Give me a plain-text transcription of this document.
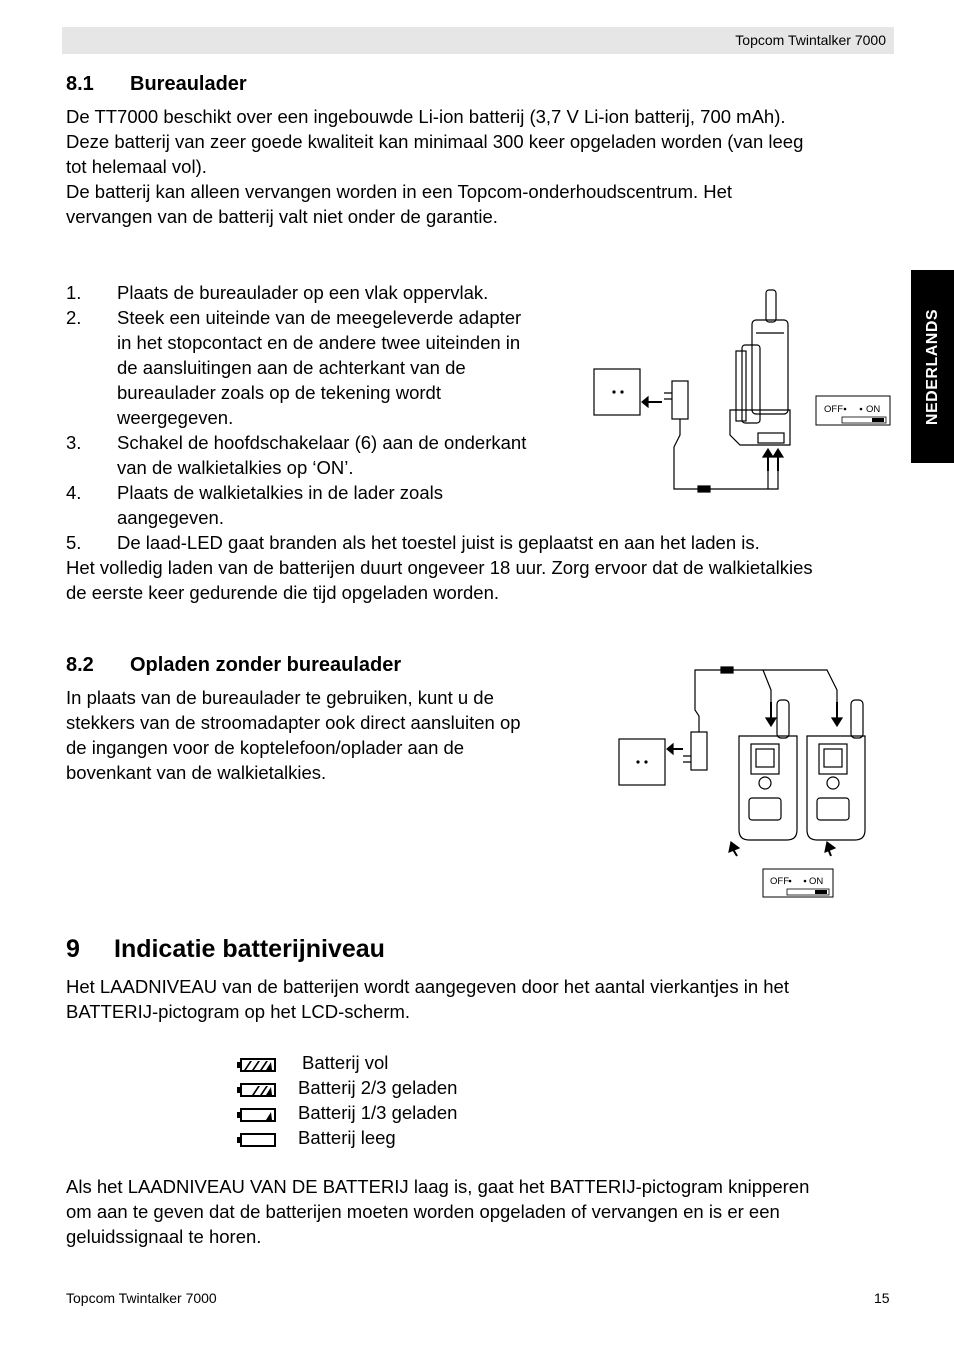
Topcom Twintalker 7000
NEDERLANDS
8.1 Bureaulader
De TT7000 beschikt over een ingebouwde Li-ion batterij (3,7 V Li-ion batterij, 700 mAh).
Deze batterij van zeer goede kwaliteit kan minimaal 300 keer opgeladen worden (van leeg
tot helemaal vol).
De batterij kan alleen vervangen worden in een Topcom-onderhoudscentrum. Het
vervangen van de batterij valt niet onder de garantie.
1. Plaats de bureaulader op een vlak oppervlak.
2. Steek een uiteinde van de meegeleverde adapter
in het stopcontact en de andere twee uiteinden in
de aansluitingen aan de achterkant van de
bureaulader zoals op de tekening wordt
weergegeven.
3. Schakel de hoofdschakelaar (6) aan de onderkant
van de walkietalkies op ‘ON’.
4. Plaats de walkietalkies in de lader zoals
aangegeven.
5. De laad-LED gaat branden als het toestel juist is geplaatst en aan het laden is.
Het volledig laden van de batterijen duurt ongeveer 18 uur. Zorg ervoor dat de walkietalkies
de eerste keer gedurende die tijd opgeladen worden.
OFF ON
8.2 Opladen zonder bureaulader
In plaats van de bureaulader te gebruiken, kunt u de
stekkers van de stroomadapter ook direct aansluiten op
de ingangen voor de koptelefoon/oplader aan de
bovenkant van de walkietalkies.
OFF ON
9 Indicatie batterijniveau
Het LAADNIVEAU van de batterijen wordt aangegeven door het aantal vierkantjes in het
BATTERIJ-pictogram op het LCD-scherm.
Batterij vol
Batterij 2/3 geladen
Batterij 1/3 geladen
Batterij leeg
Als het LAADNIVEAU VAN DE BATTERIJ laag is, gaat het BATTERIJ-pictogram knipperen
om aan te geven dat de batterijen moeten worden opgeladen of vervangen en is er een
geluidssignaal te horen.
Topcom Twintalker 7000	15
